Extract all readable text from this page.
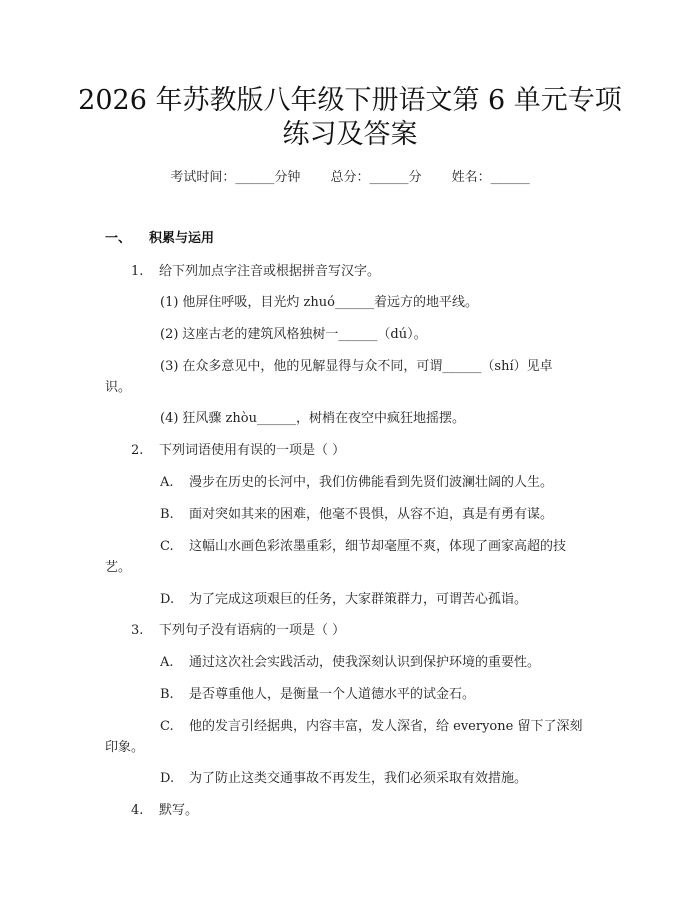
2026 年苏教版八年级下册语文第 6 单元专项
练习及答案
考试时间：______分钟 总分：______分 姓名：______
一、 积累与运用
1. 给下列加点字注音或根据拼音写汉字。
(1) 他屏住呼吸，目光灼 zhuó______着远方的地平线。
(2) 这座古老的建筑风格独树一______（dú）。
(3) 在众多意见中，他的见解显得与众不同，可谓______（shí）见卓
识。
(4) 狂风骤 zhòu______，树梢在夜空中疯狂地摇摆。
2. 下列词语使用有误的一项是（ ）
A. 漫步在历史的长河中，我们仿佛能看到先贤们波澜壮阔的人生。
B. 面对突如其来的困难，他毫不畏惧，从容不迫，真是有勇有谋。
C. 这幅山水画色彩浓墨重彩，细节却毫厘不爽，体现了画家高超的技
艺。
D. 为了完成这项艰巨的任务，大家群策群力，可谓苦心孤诣。
3. 下列句子没有语病的一项是（ ）
A. 通过这次社会实践活动，使我深刻认识到保护环境的重要性。
B. 是否尊重他人，是衡量一个人道德水平的试金石。
C. 他的发言引经据典，内容丰富，发人深省，给 everyone 留下了深刻
印象。
D. 为了防止这类交通事故不再发生，我们必须采取有效措施。
4. 默写。
